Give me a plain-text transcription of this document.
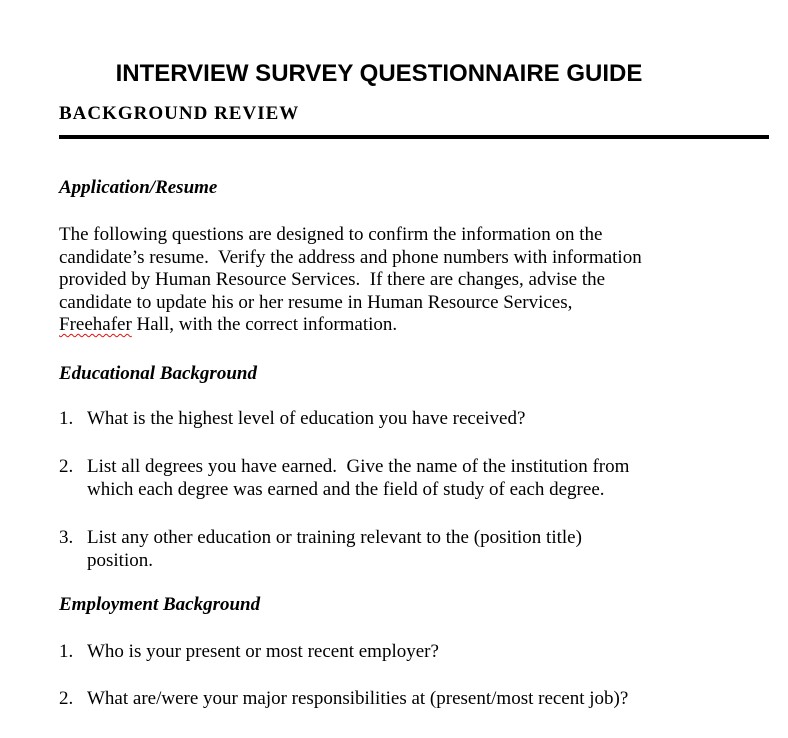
INTERVIEW SURVEY QUESTIONNAIRE GUIDE
BACKGROUND REVIEW
Application/Resume
The following questions are designed to confirm the information on the
candidate’s resume.  Verify the address and phone numbers with information
provided by Human Resource Services.  If there are changes, advise the
candidate to update his or her resume in Human Resource Services,
Freehafer Hall, with the correct information.
Educational Background
1. What is the highest level of education you have received?
2. List all degrees you have earned.  Give the name of the institution from
which each degree was earned and the field of study of each degree.
3. List any other education or training relevant to the (position title)
position.
Employment Background
1. Who is your present or most recent employer?
2. What are/were your major responsibilities at (present/most recent job)?
